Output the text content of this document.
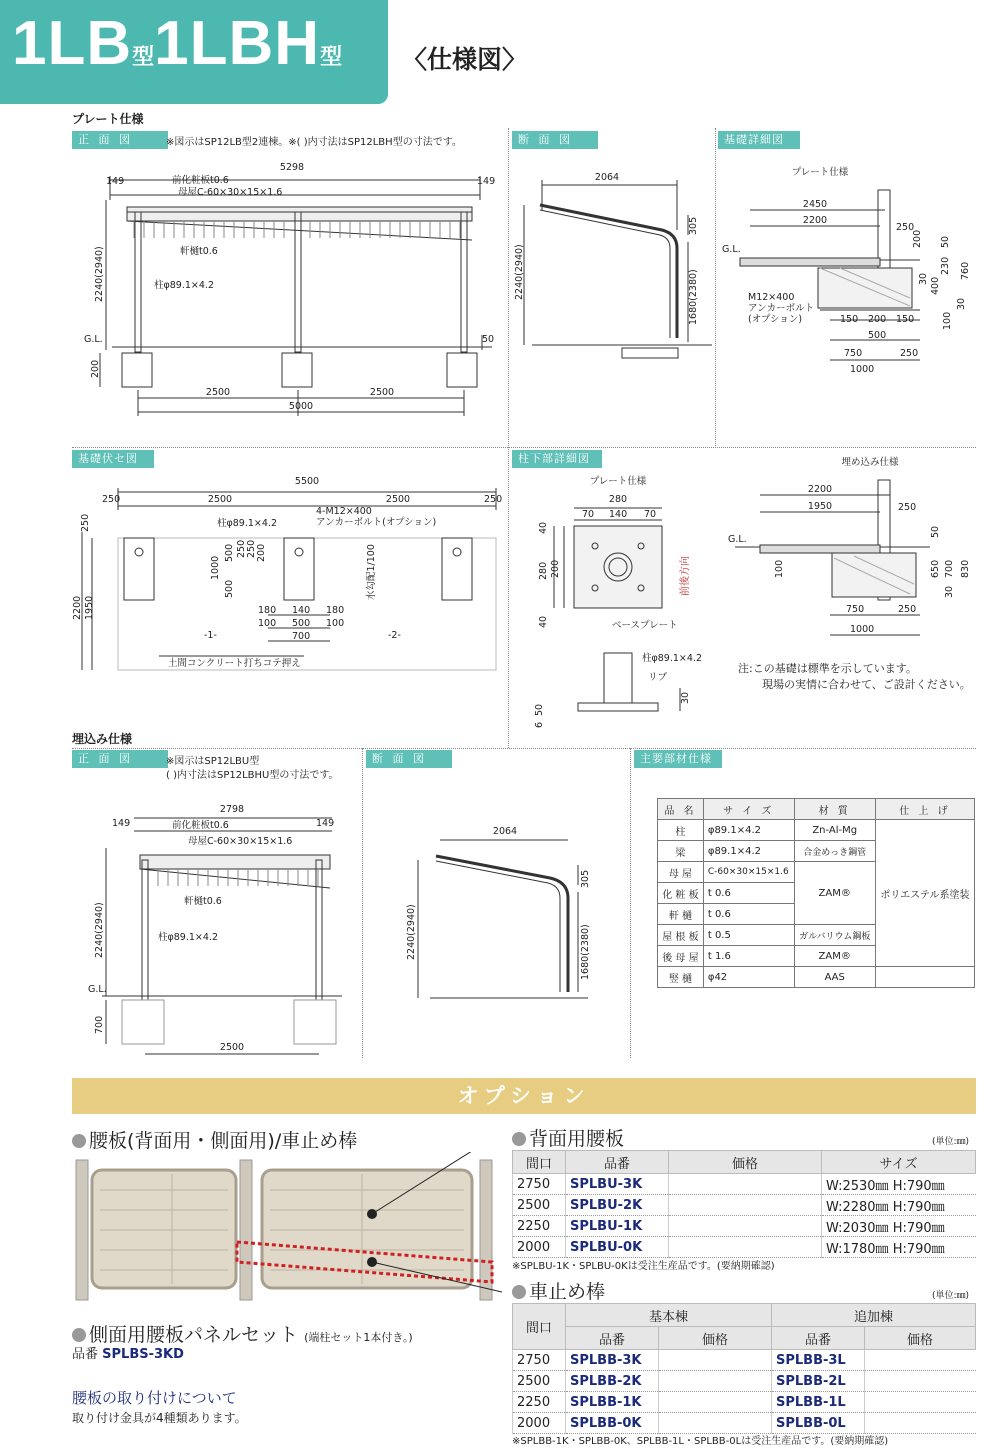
1LB型1LBH型 〈仕様図〉
プレート仕様
正 面 図	※図示はSP12LB型2連棟。※( )内寸法はSP12LBH型の寸法です。	断 面 図	基礎詳細図
5298
149	149
前化粧板t0.6
母屋C-60×30×15×1.6
軒樋t0.6
柱φ89.1×4.2
G.L.	50
200
2240(2940)
2500	2500
5000
2064
2240(2940)
305
1680(2380)
プレート仕様
2450
2200
250
G.L.
200 50
30
230
400
760
100
30
M12×400
アンカーボルト
(オプション)	150 200 150
500
750	250
1000
基礎伏セ図
5500
250	2500	2500	250
250
2200 1950
柱φ89.1×4.2
4-M12×400
アンカーボルト(オプション)
1000
500
500
250 250 200	水勾配1/100
180 140 180
100 500 100
700
-1-	-2-
土間コンクリート打ちコテ押え
柱下部詳細図
プレート仕様
280
70 140 70
40
280 200
40
前後方向
ベースプレート
柱φ89.1×4.2
リブ
30
6
50
埋め込み仕様
2200
1950	250
G.L.
50
100	650 700 830
30
750	250
1000
注:この基礎は標準を示しています。
現場の実情に合わせて、ご設計ください。
埋込み仕様
正 面 図	※図示はSP12LBU型
( )内寸法はSP12LBHU型の寸法です。
断 面 図	主要部材仕様表
2798
149	149
前化粧板t0.6
母屋C-60×30×15×1.6
軒樋t0.6
柱φ89.1×4.2
2240(2940)
G.L.
700
2500
2064
2240(2940)
305
1680(2380)
品 名	サ イ ズ	材 質	仕 上 げ
柱	φ89.1×4.2	Zn-Al-Mg	ポリエステル系塗装
梁	φ89.1×4.2	合金めっき鋼管	
母 屋	C-60×30×15×1.6	ZAM®	
化 粧 板	t 0.6		
軒 樋	t 0.6		
屋 根 板	t 0.5	ガルバリウム鋼板	
後 母 屋	t 1.6	ZAM®	
竪 樋	φ42	AAS	
オプション
腰板(背面用・側面用)/車止め棒
側面用腰板パネルセット (端柱セット1本付き。)
品番 SPLBS-3KD
腰板の取り付けについて
取り付け金具が4種類あります。
背面用腰板	(単位:㎜)
間口	品番	価格	サイズ
2750	SPLBU-3K		W:2530㎜ H:790㎜
2500	SPLBU-2K		W:2280㎜ H:790㎜
2250	SPLBU-1K		W:2030㎜ H:790㎜
2000	SPLBU-0K		W:1780㎜ H:790㎜
※SPLBU-1K・SPLBU-0Kは受注生産品です。(要納期確認)
車止め棒	(単位:㎜)
間口	基本棟		追加棟	
	品番	価格	品番	価格
2750	SPLBB-3K		SPLBB-3L	
2500	SPLBB-2K		SPLBB-2L	
2250	SPLBB-1K		SPLBB-1L	
2000	SPLBB-0K		SPLBB-0L	
※SPLBB-1K・SPLBB-0K、SPLBB-1L・SPLBB-0Lは受注生産品です。(要納期確認)
